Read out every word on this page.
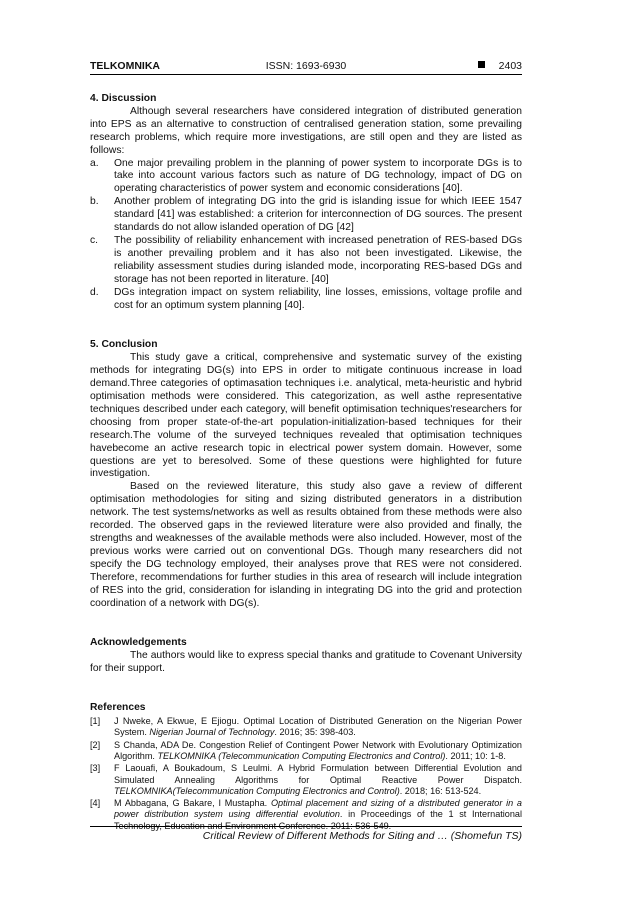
TELKOMNIKA	ISSN: 1693-6930	2403
4. Discussion

Although several researchers have considered integration of distributed generation into EPS as an alternative to construction of centralised generation station, some prevailing research problems, which require more investigations, are still open and they are listed as follows:

a. One major prevailing problem in the planning of power system to incorporate DGs is to take into account various factors such as nature of DG technology, impact of DG on operating characteristics of power system and economic considerations [40].
b. Another problem of integrating DG into the grid is islanding issue for which IEEE 1547 standard [41] was established: a criterion for interconnection of DG sources. The present standards do not allow islanded operation of DG [42]
c. The possibility of reliability enhancement with increased penetration of RES-based DGs is another prevailing problem and it has also not been investigated. Likewise, the reliability assessment studies during islanded mode, incorporating RES-based DGs and storage has not been reported in literature. [40]
d. DGs integration impact on system reliability, line losses, emissions, voltage profile and cost for an optimum system planning [40].
5. Conclusion

This study gave a critical, comprehensive and systematic survey of the existing methods for integrating DG(s) into EPS in order to mitigate continuous increase in load demand.Three categories of optimasation techniques i.e. analytical, meta-heuristic and hybrid optimisation methods were considered. This categorization, as well asthe representative techniques described under each category, will benefit optimisation techniques'researchers for choosing from proper state-of-the-art population-initialization-based techniques for their research.The volume of the surveyed techniques revealed that optimisation techniques havebecome an active research topic in electrical power system domain. However, some questions are yet to beresolved. Some of these questions were highlighted for future investigation.

Based on the reviewed literature, this study also gave a review of different optimisation methodologies for siting and sizing distributed generators in a distribution network. The test systems/networks as well as results obtained from these methods were also recorded. The observed gaps in the reviewed literature were also provided and finally, the strengths and weaknesses of the available methods were also included. However, most of the previous works were carried out on conventional DGs. Though many researchers did not specify the DG technology employed, their analyses prove that RES were not considered. Therefore, recommendations for further studies in this area of research will include integration of RES into the grid, consideration for islanding in integrating DG into the grid and protection coordination of a network with DG(s).

Acknowledgements

The authors would like to express special thanks and gratitude to Covenant University for their support.

References
[1] J Nweke, A Ekwue, E Ejiogu. Optimal Location of Distributed Generation on the Nigerian Power System. Nigerian Journal of Technology. 2016; 35: 398-403.
[2] S Chanda, ADA De. Congestion Relief of Contingent Power Network with Evolutionary Optimization Algorithm. TELKOMNIKA (Telecommunication Computing Electronics and Control). 2011; 10: 1-8.
[3] F Laouafi, A Boukadoum, S Leulmi. A Hybrid Formulation between Differential Evolution and Simulated Annealing Algorithms for Optimal Reactive Power Dispatch. TELKOMNIKA(Telecommunication Computing Electronics and Control). 2018; 16: 513-524.
[4] M Abbagana, G Bakare, I Mustapha. Optimal placement and sizing of a distributed generator in a power distribution system using differential evolution. in Proceedings of the 1 st International Technology, Education and Environment Conference. 2011: 536-549.
Critical Review of Different Methods for Siting and … (Shomefun TS)
